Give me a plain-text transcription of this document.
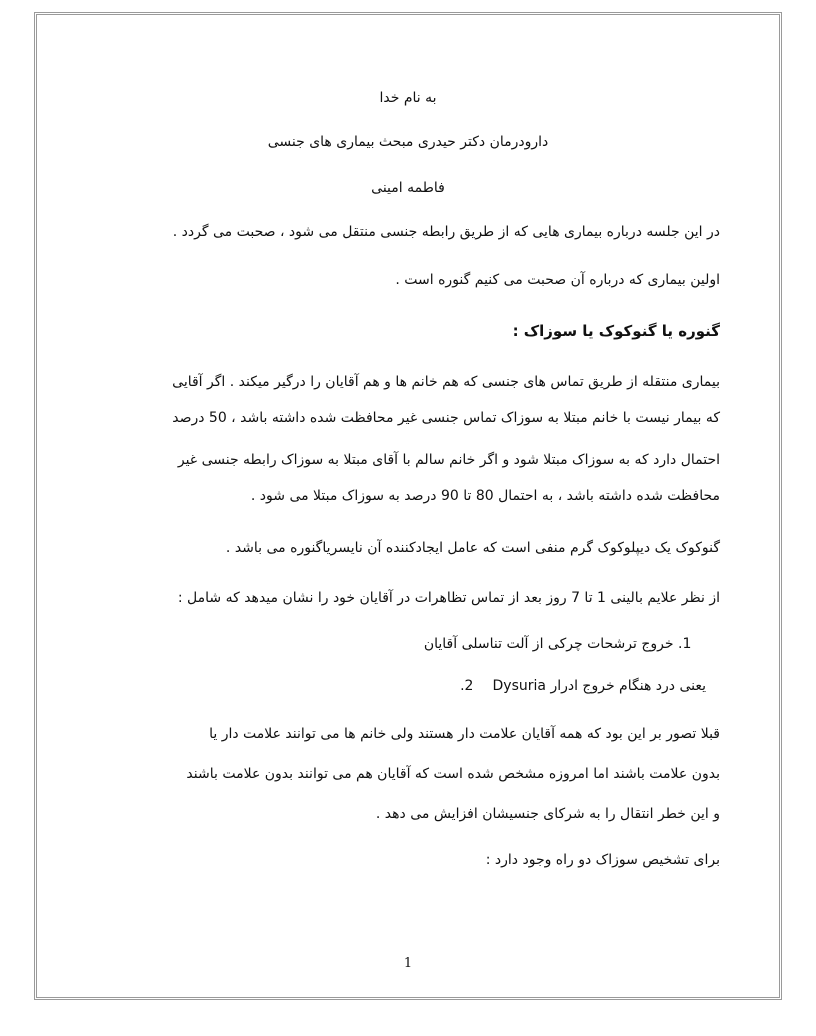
به نام خدا
دارودرمان دکتر حیدری مبحث بیماری های جنسی
فاطمه امینی
در این جلسه درباره بیماری هایی که از طریق رابطه جنسی منتقل می شود ، صحبت می گردد .
اولین بیماری که درباره آن صحبت می کنیم گنوره است .
گنوره یا گنوکوک یا سوزاک :
بیماری منتقله از طریق تماس های جنسی که هم خانم ها و هم آقایان را درگیر میکند . اگر آقایی
که بیمار نیست با خانم مبتلا به سوزاک تماس جنسی غیر محافظت شده داشته باشد ، 50 درصد
احتمال دارد که به سوزاک مبتلا شود و اگر خانم سالم با آقای مبتلا به سوزاک رابطه جنسی غیر
محافظت شده داشته باشد ، به احتمال 80 تا 90 درصد به سوزاک مبتلا می شود .
گنوکوک یک دیپلوکوک گرم منفی است که عامل ایجادکننده آن نایسریاگنوره می باشد .
از نظر علایم بالینی 1 تا 7 روز بعد از تماس تظاهرات در آقایان خود را نشان میدهد که شامل :
1. خروج ترشحات چرکی از آلت تناسلی آقایان
2. Dysuria یعنی درد هنگام خروج ادرار
قبلا تصور بر این بود که همه آقایان علامت دار هستند ولی خانم ها می توانند علامت دار یا
بدون علامت باشند اما امروزه مشخص شده است که آقایان هم می توانند بدون علامت باشند
و این خطر انتقال را به شرکای جنسیشان افزایش می دهد .
برای تشخیص سوزاک دو راه وجود دارد :
1
